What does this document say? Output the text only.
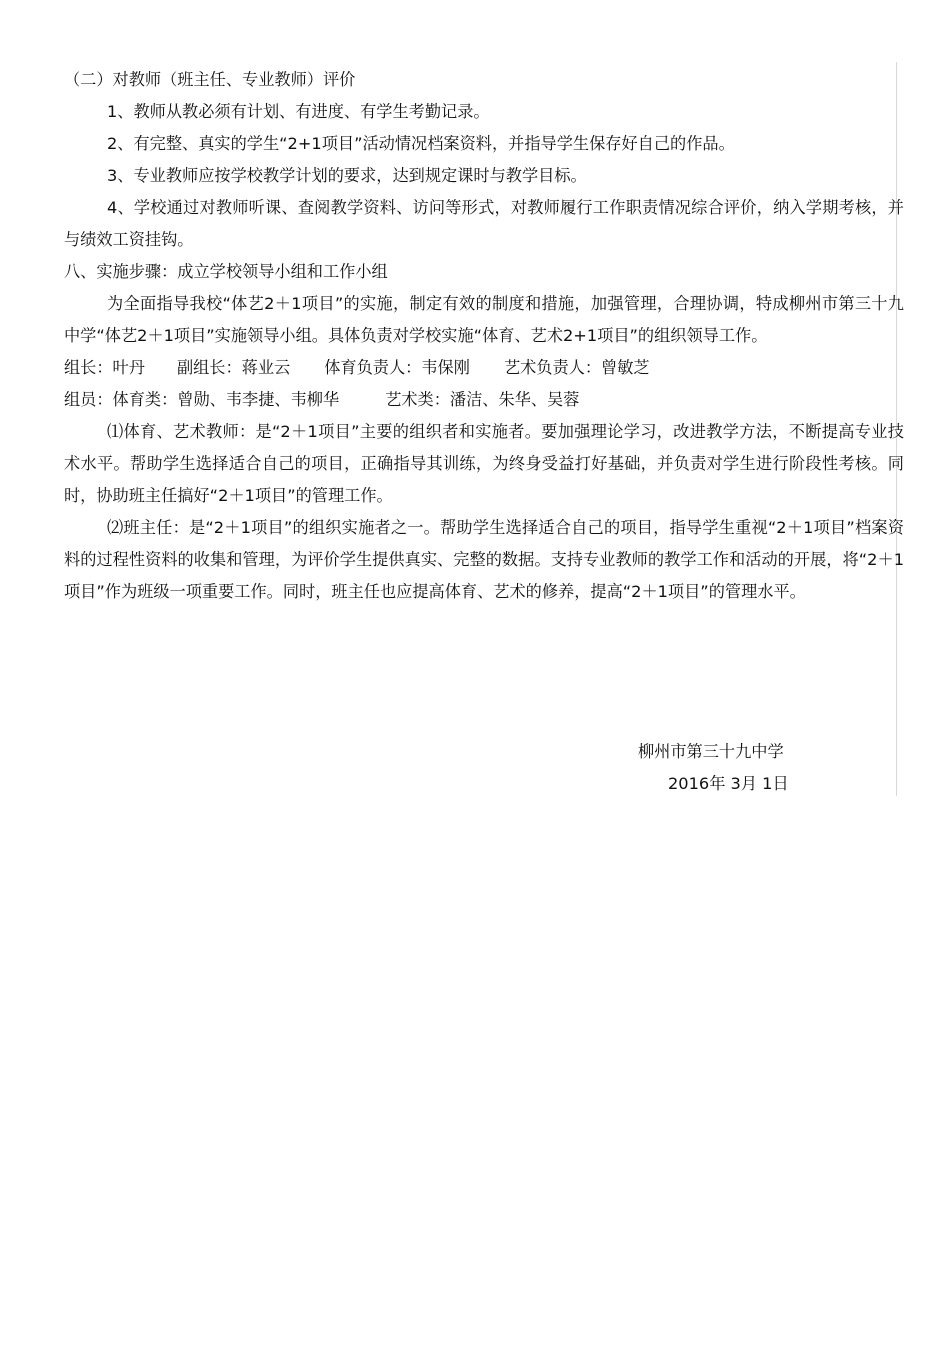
（二）对教师（班主任、专业教师）评价

1、教师从教必须有计划、有进度、有学生考勤记录。

2、有完整、真实的学生“2+1项目”活动情况档案资料，并指导学生保存好自己的作品。

3、专业教师应按学校教学计划的要求，达到规定课时与教学目标。

4、学校通过对教师听课、查阅教学资料、访问等形式，对教师履行工作职责情况综合评价，纳入学期考核，并与绩效工资挂钩。

八、实施步骤：成立学校领导小组和工作小组

为全面指导我校“体艺2＋1项目”的实施，制定有效的制度和措施，加强管理，合理协调，特成柳州市第三十九中学“体艺2＋1项目”实施领导小组。具体负责对学校实施“体育、艺术2+1项目”的组织领导工作。

组长：叶丹 副组长：蒋业云 体育负责人：韦保刚 艺术负责人：曾敏芝

组员：体育类：曾勋、韦李捷、韦柳华	艺术类：潘洁、朱华、吴蓉

⑴体育、艺术教师：是“2＋1项目”主要的组织者和实施者。要加强理论学习，改进教学方法，不断提高专业技术水平。帮助学生选择适合自己的项目，正确指导其训练，为终身受益打好基础，并负责对学生进行阶段性考核。同时，协助班主任搞好“2＋1项目”的管理工作。

⑵班主任：是“2＋1项目”的组织实施者之一。帮助学生选择适合自己的项目，指导学生重视“2＋1项目”档案资料的过程性资料的收集和管理，为评价学生提供真实、完整的数据。支持专业教师的教学工作和活动的开展，将“2＋1项目”作为班级一项重要工作。同时，班主任也应提高体育、艺术的修养，提高“2＋1项目”的管理水平。

柳州市第三十九中学
2016年 3月 1日
